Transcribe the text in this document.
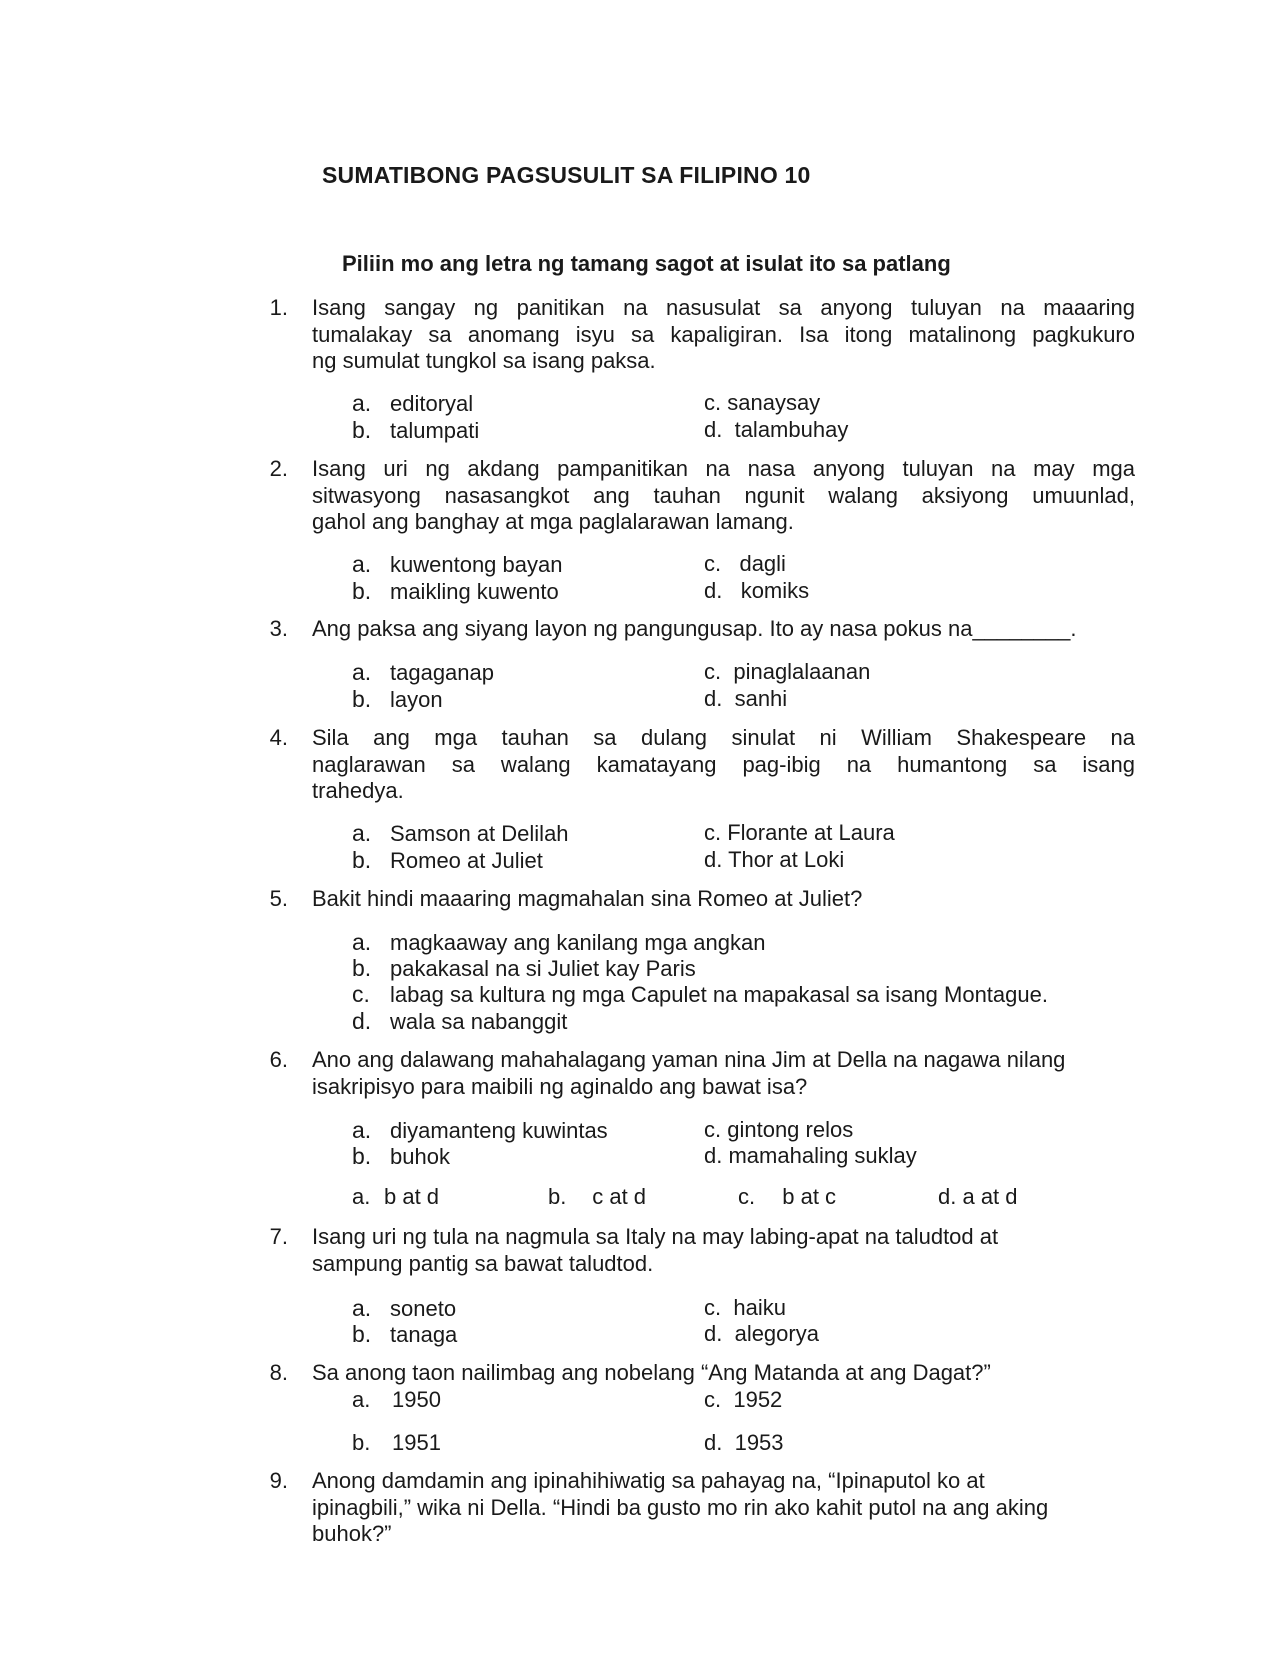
SUMATIBONG PAGSUSULIT SA FILIPINO 10
Piliin mo ang letra ng tamang sagot at isulat ito sa patlang
1. Isang sangay ng panitikan na nasusulat sa anyong tuluyan na maaaring
tumalakay sa anomang isyu sa kapaligiran. Isa itong matalinong pagkukuro
ng sumulat tungkol sa isang paksa.
a. editoryal
b. talumpati
c. sanaysay
d.  talambuhay
2. Isang uri ng akdang pampanitikan na nasa anyong tuluyan na may mga
sitwasyong nasasangkot ang tauhan ngunit walang aksiyong umuunlad,
gahol ang banghay at mga paglalarawan lamang.
a. kuwentong bayan
b. maikling kuwento
c.   dagli
d.   komiks
3. Ang paksa ang siyang layon ng pangungusap. Ito ay nasa pokus na________.
a. tagaganap
b. layon
c.  pinaglalaanan
d.  sanhi
4. Sila ang mga tauhan sa dulang sinulat ni William Shakespeare na
naglarawan sa walang kamatayang pag-ibig na humantong sa isang
trahedya.
a. Samson at Delilah
b. Romeo at Juliet
c. Florante at Laura
d. Thor at Loki
5. Bakit hindi maaaring magmahalan sina Romeo at Juliet?
a. magkaaway ang kanilang mga angkan
b. pakakasal na si Juliet kay Paris
c. labag sa kultura ng mga Capulet na mapakasal sa isang Montague.
d. wala sa nabanggit
6. Ano ang dalawang mahahalagang yaman nina Jim at Della na nagawa nilang
isakripisyo para maibili ng aginaldo ang bawat isa?
a. diyamanteng kuwintas
b. buhok
c. gintong relos
d. mamahaling suklay
a. b at d	b. c at d	c. b at c	d. a at d
7. Isang uri ng tula na nagmula sa Italy na may labing-apat na taludtod at
sampung pantig sa bawat taludtod.
a. soneto
b. tanaga
c.  haiku
d.  alegorya
8. Sa anong taon nailimbag ang nobelang “Ang Matanda at ang Dagat?”
a. 1950
b. 1951
c.  1952
d.  1953
9. Anong damdamin ang ipinahihiwatig sa pahayag na, “Ipinaputol ko at
ipinagbili,” wika ni Della. “Hindi ba gusto mo rin ako kahit putol na ang aking
buhok?”
